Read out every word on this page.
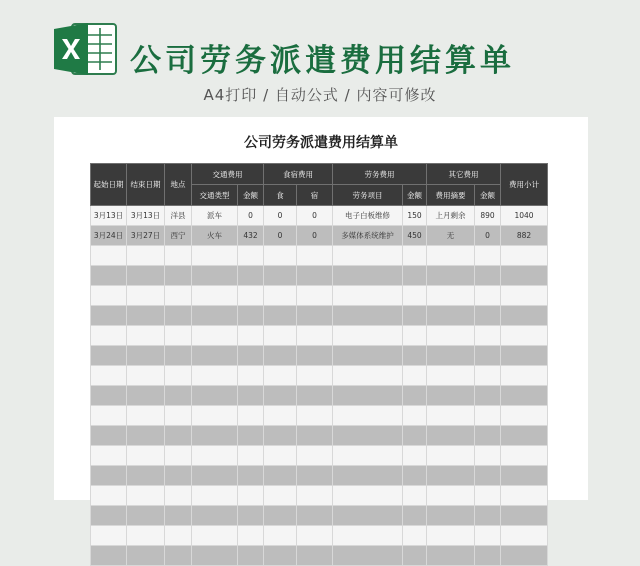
公司劳务派遣费用结算单
A4打印 / 自动公式 / 内容可修改
公司劳务派遣费用结算单
起始日期	结束日期	地点	交通费用		食宿费用		劳务费用		其它费用		费用小计
			交通类型	金额	食	宿	劳务项目	金额	费用摘要	金额	
3月13日	3月13日	洋县	派车	0	0	0	电子白板维修	150	上月剩余	890	1040
3月24日	3月27日	西宁	火车	432	0	0	多媒体系统维护	450	无	0	882
